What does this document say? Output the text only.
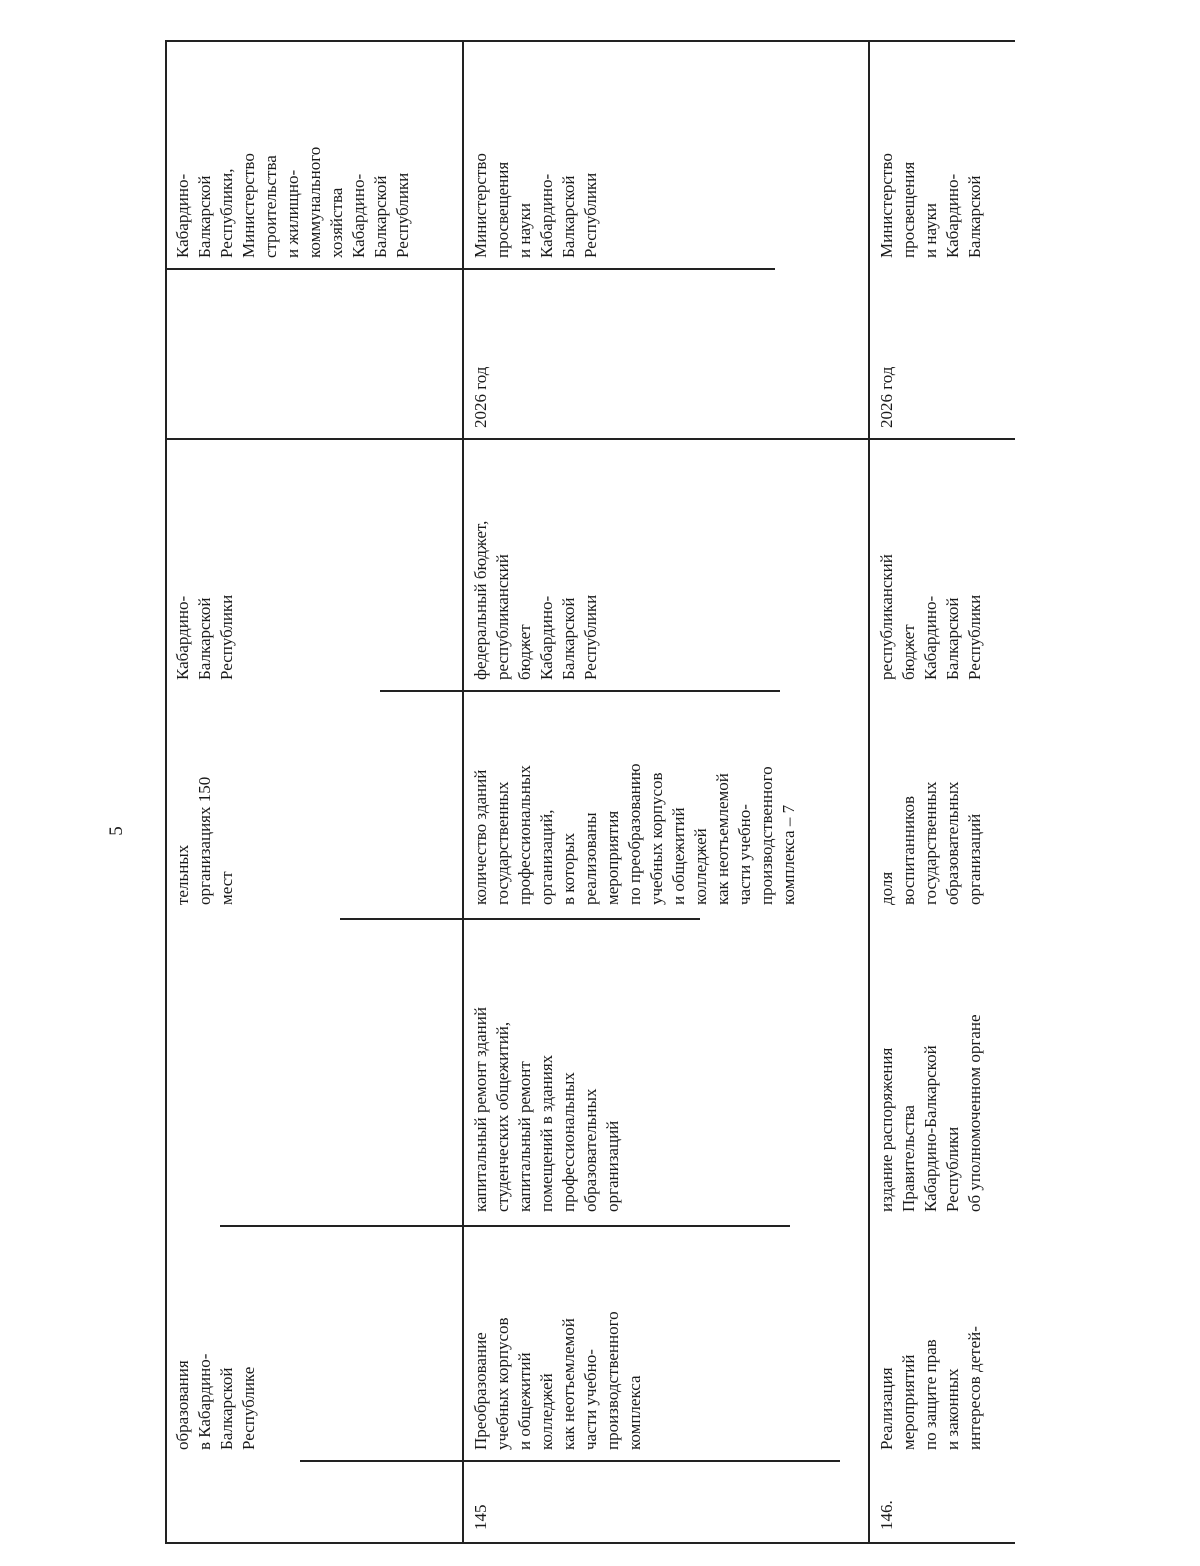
5
образования в Кабардино- Балкарской Республике
тельных организациях 150 мест
Кабардино- Балкарской Республики
Кабардино- Балкарской Республики, Министерство строительства и жилищно- коммунального хозяйства Кабардино- Балкарской Республики
145
Преобразование учебных корпусов и общежитий колледжей как неотъемлемой части учебно- производственного комплекса
капитальный ремонт зданий студенческих общежитий, капитальный ремонт помещений в зданиях профессиональных образовательных организаций
количество зданий государственных профессиональных организаций, в которых реализованы мероприятия по преобразованию учебных корпусов и общежитий колледжей как неотъемлемой части учебно- производственного комплекса – 7
федеральный бюджет, республиканский бюджет Кабардино- Балкарской Республики
2026 год
Министерство просвещения и науки Кабардино- Балкарской Республики
146.
Реализация мероприятий по защите прав и законных интересов детей-
издание распоряжения Правительства Кабардино-Балкарской Республики об уполномоченном органе
доля воспитанников государственных образовательных организаций
республиканский бюджет Кабардино- Балкарской Республики
2026 год
Министерство просвещения и науки Кабардино- Балкарской
